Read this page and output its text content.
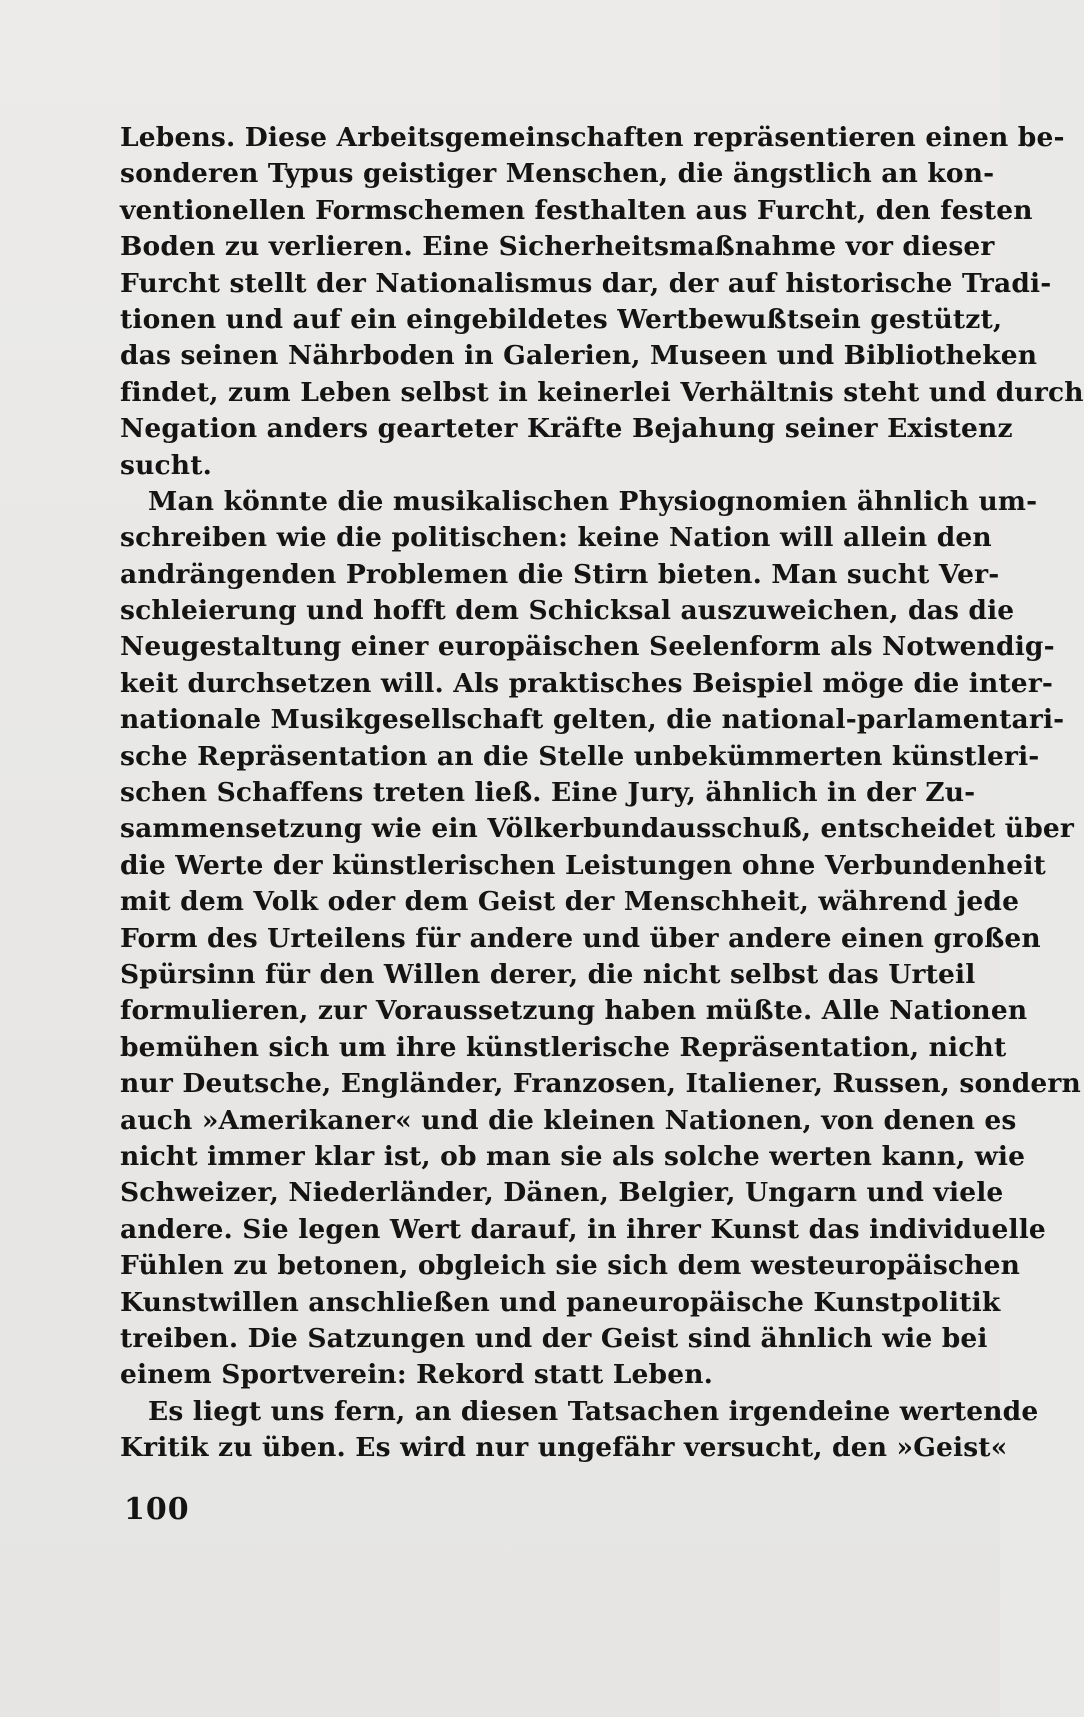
Lebens. Diese Arbeitsgemeinschaften repräsentieren einen be-
sonderen Typus geistiger Menschen, die ängstlich an kon-
ventionellen Formschemen festhalten aus Furcht, den festen
Boden zu verlieren. Eine Sicherheitsmaßnahme vor dieser
Furcht stellt der Nationalismus dar, der auf historische Tradi-
tionen und auf ein eingebildetes Wertbewußtsein gestützt,
das seinen Nährboden in Galerien, Museen und Bibliotheken
findet, zum Leben selbst in keinerlei Verhältnis steht und durch
Negation anders gearteter Kräfte Bejahung seiner Existenz
sucht.
Man könnte die musikalischen Physiognomien ähnlich um-
schreiben wie die politischen: keine Nation will allein den
andrängenden Problemen die Stirn bieten. Man sucht Ver-
schleierung und hofft dem Schicksal auszuweichen, das die
Neugestaltung einer europäischen Seelenform als Notwendig-
keit durchsetzen will. Als praktisches Beispiel möge die inter-
nationale Musikgesellschaft gelten, die national-parlamentari-
sche Repräsentation an die Stelle unbekümmerten künstleri-
schen Schaffens treten ließ. Eine Jury, ähnlich in der Zu-
sammensetzung wie ein Völkerbundausschuß, entscheidet über
die Werte der künstlerischen Leistungen ohne Verbundenheit
mit dem Volk oder dem Geist der Menschheit, während jede
Form des Urteilens für andere und über andere einen großen
Spürsinn für den Willen derer, die nicht selbst das Urteil
formulieren, zur Voraussetzung haben müßte. Alle Nationen
bemühen sich um ihre künstlerische Repräsentation, nicht
nur Deutsche, Engländer, Franzosen, Italiener, Russen, sondern
auch »Amerikaner« und die kleinen Nationen, von denen es
nicht immer klar ist, ob man sie als solche werten kann, wie
Schweizer, Niederländer, Dänen, Belgier, Ungarn und viele
andere. Sie legen Wert darauf, in ihrer Kunst das individuelle
Fühlen zu betonen, obgleich sie sich dem westeuropäischen
Kunstwillen anschließen und paneuropäische Kunstpolitik
treiben. Die Satzungen und der Geist sind ähnlich wie bei
einem Sportverein: Rekord statt Leben.
Es liegt uns fern, an diesen Tatsachen irgendeine wertende
Kritik zu üben. Es wird nur ungefähr versucht, den »Geist«
100
